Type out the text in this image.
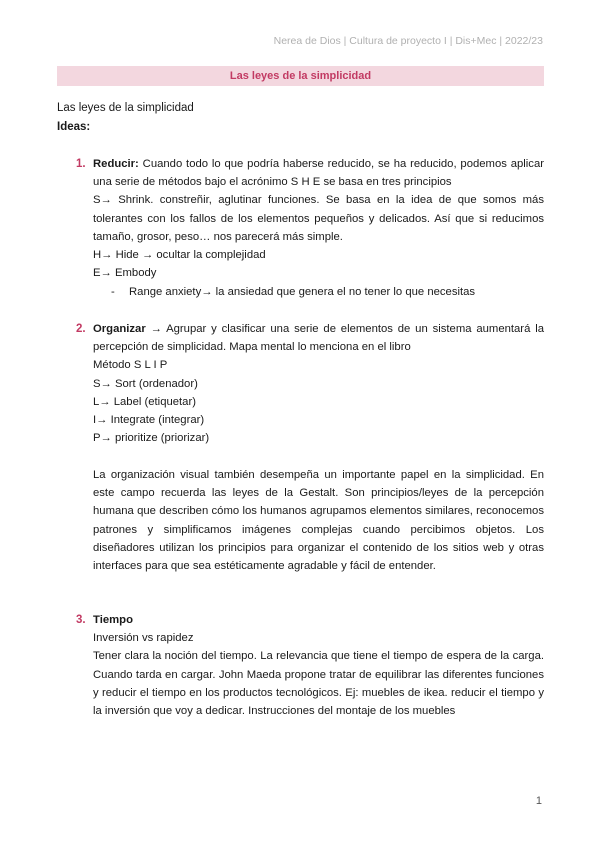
Nerea de Dios | Cultura de proyecto I | Dis+Mec | 2022/23
Las leyes de la simplicidad
Las leyes de la simplicidad
Ideas:
1. Reducir: Cuando todo lo que podría haberse reducido, se ha reducido, podemos aplicar una serie de métodos bajo el acrónimo S H E se basa en tres principios

S→ Shrink. constreñir, aglutinar funciones. Se basa en la idea de que somos más tolerantes con los fallos de los elementos pequeños y delicados. Así que si reducimos tamaño, grosor, peso… nos parecerá más simple.

H→ Hide → ocultar la complejidad

E→ Embody

- Range anxiety→ la ansiedad que genera el no tener lo que necesitas
2. Organizar → Agrupar y clasificar una serie de elementos de un sistema aumentará la percepción de simplicidad. Mapa mental lo menciona en el libro

Método S L I P

S→ Sort (ordenador)

L→ Label (etiquetar)

I→ Integrate (integrar)

P→ prioritize (priorizar)

La organización visual también desempeña un importante papel en la simplicidad. En este campo recuerda las leyes de la Gestalt. Son principios/leyes de la percepción humana que describen cómo los humanos agrupamos elementos similares, reconocemos patrones y simplificamos imágenes complejas cuando percibimos objetos. Los diseñadores utilizan los principios para organizar el contenido de los sitios web y otras interfaces para que sea estéticamente agradable y fácil de entender.
3. Tiempo

Inversión vs rapidez

Tener clara la noción del tiempo. La relevancia que tiene el tiempo de espera de la carga. Cuando tarda en cargar. John Maeda propone tratar de equilibrar las diferentes funciones y reducir el tiempo en los productos tecnológicos. Ej: muebles de ikea. reducir el tiempo y la inversión que voy a dedicar. Instrucciones del montaje de los muebles

1
